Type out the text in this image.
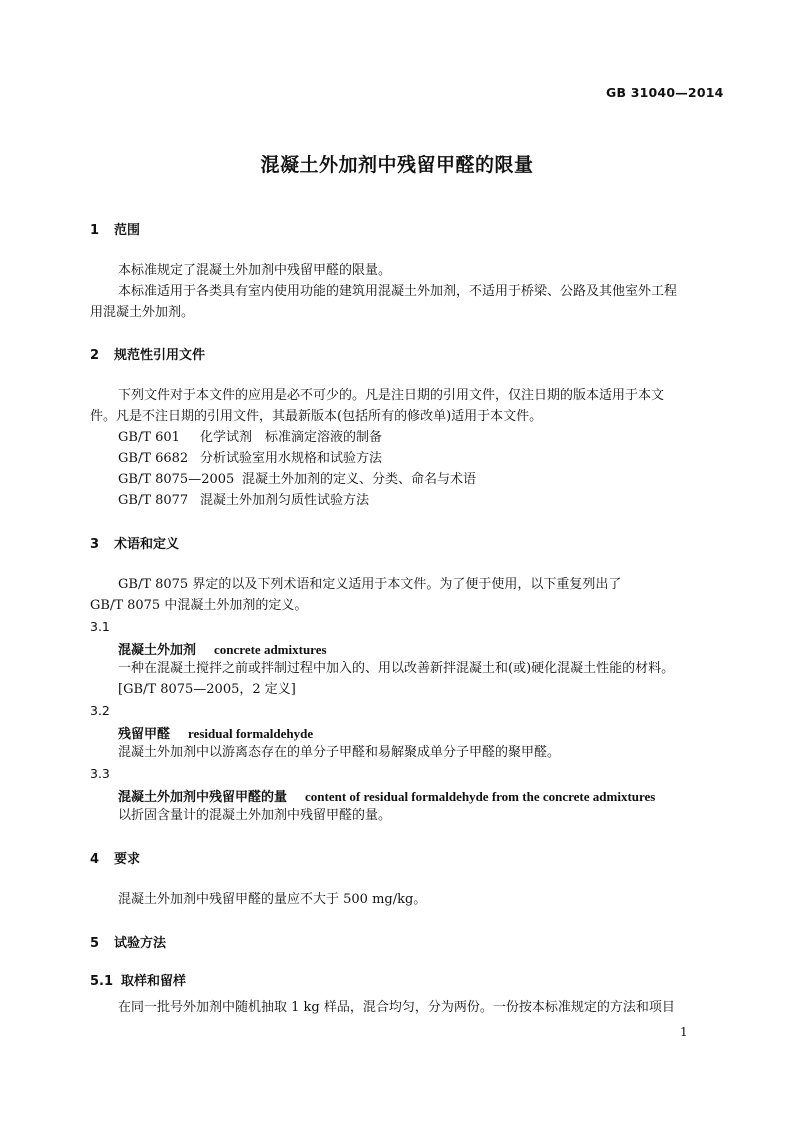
GB 31040—2014
混凝土外加剂中残留甲醛的限量
1 范围
本标准规定了混凝土外加剂中残留甲醛的限量。
本标准适用于各类具有室内使用功能的建筑用混凝土外加剂，不适用于桥梁、公路及其他室外工程
用混凝土外加剂。
2 规范性引用文件
下列文件对于本文件的应用是必不可少的。凡是注日期的引用文件，仅注日期的版本适用于本文
件。凡是不注日期的引用文件，其最新版本(包括所有的修改单)适用于本文件。
GB/T 601 化学试剂　标准滴定溶液的制备
GB/T 6682 分析试验室用水规格和试验方法
GB/T 8075—2005 混凝土外加剂的定义、分类、命名与术语
GB/T 8077 混凝土外加剂匀质性试验方法
3 术语和定义
GB/T 8075 界定的以及下列术语和定义适用于本文件。为了便于使用，以下重复列出了
GB/T 8075 中混凝土外加剂的定义。
3.1
混凝土外加剂 concrete admixtures
一种在混凝土搅拌之前或拌制过程中加入的、用以改善新拌混凝土和(或)硬化混凝土性能的材料。
[GB/T 8075—2005，2 定义]
3.2
残留甲醛 residual formaldehyde
混凝土外加剂中以游离态存在的单分子甲醛和易解聚成单分子甲醛的聚甲醛。
3.3
混凝土外加剂中残留甲醛的量 content of residual formaldehyde from the concrete admixtures
以折固含量计的混凝土外加剂中残留甲醛的量。
4 要求
混凝土外加剂中残留甲醛的量应不大于 500 mg/kg。
5 试验方法
5.1 取样和留样
在同一批号外加剂中随机抽取 1 kg 样品，混合均匀，分为两份。一份按本标准规定的方法和项目
1
